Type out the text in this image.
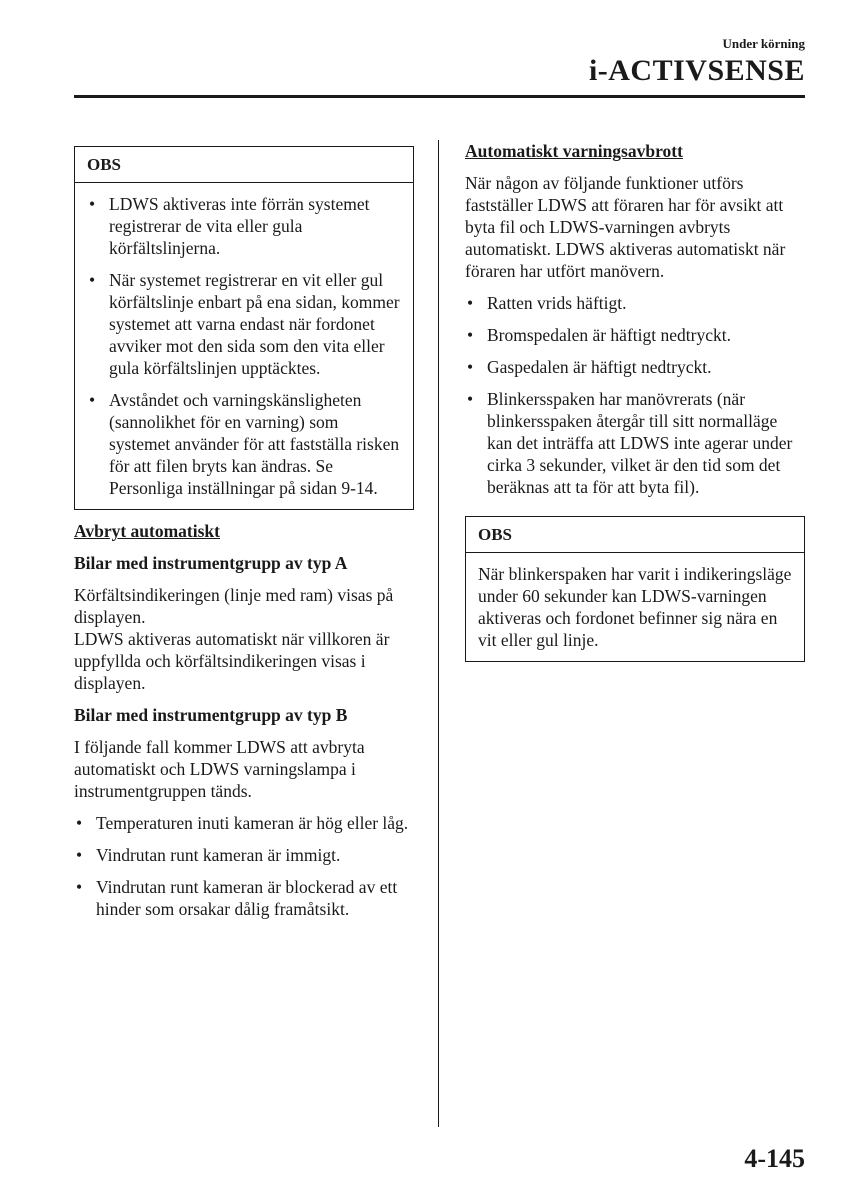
Under körning
i-ACTIVSENSE
OBS
• LDWS aktiveras inte förrän systemet registrerar de vita eller gula körfältslinjerna.
• När systemet registrerar en vit eller gul körfältslinje enbart på ena sidan, kommer systemet att varna endast när fordonet avviker mot den sida som den vita eller gula körfältslinjen upptäcktes.
• Avståndet och varningskänsligheten (sannolikhet för en varning) som systemet använder för att fastställa risken för att filen bryts kan ändras. Se Personliga inställningar på sidan 9-14.

Avbryt automatiskt

Bilar med instrumentgrupp av typ A

Körfältsindikeringen (linje med ram) visas på displayen.
LDWS aktiveras automatiskt när villkoren är uppfyllda och körfältsindikeringen visas i displayen.

Bilar med instrumentgrupp av typ B

I följande fall kommer LDWS att avbryta automatiskt och LDWS varningslampa i instrumentgruppen tänds.

• Temperaturen inuti kameran är hög eller låg.
• Vindrutan runt kameran är immigt.
• Vindrutan runt kameran är blockerad av ett hinder som orsakar dålig framåtsikt.

Automatiskt varningsavbrott

När någon av följande funktioner utförs fastställer LDWS att föraren har för avsikt att byta fil och LDWS-varningen avbryts automatiskt. LDWS aktiveras automatiskt när föraren har utfört manövern.

• Ratten vrids häftigt.
• Bromspedalen är häftigt nedtryckt.
• Gaspedalen är häftigt nedtryckt.
• Blinkersspaken har manövrerats (när blinkersspaken återgår till sitt normalläge kan det inträffa att LDWS inte agerar under cirka 3 sekunder, vilket är den tid som det beräknas att ta för att byta fil).
OBS

När blinkerspaken har varit i indikeringsläge under 60 sekunder kan LDWS-varningen aktiveras och fordonet befinner sig nära en vit eller gul linje.

4-145
